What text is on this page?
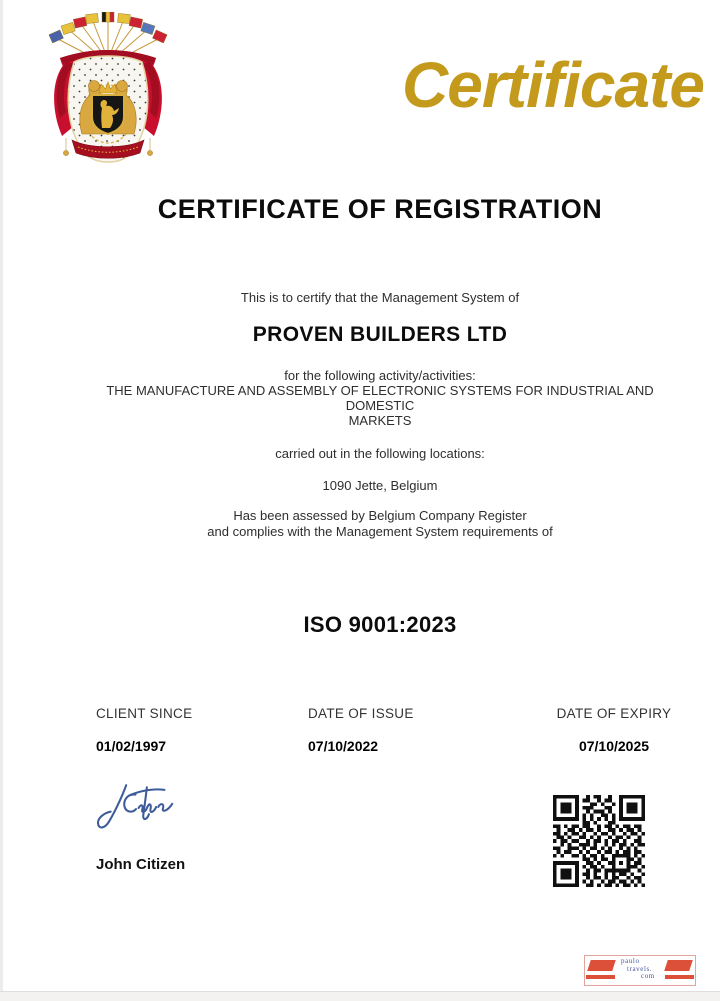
Certificate
CERTIFICATE OF REGISTRATION
This is to certify that the Management System of
PROVEN BUILDERS LTD
for the following activity/activities:
THE MANUFACTURE AND ASSEMBLY OF ELECTRONIC SYSTEMS FOR INDUSTRIAL AND
DOMESTIC
MARKETS
carried out in the following locations:
1090 Jette, Belgium
Has been assessed by Belgium Company Register
and complies with the Management System requirements of
ISO 9001:2023
CLIENT SINCE
01/02/1997
DATE OF ISSUE
07/10/2022
DATE OF EXPIRY
07/10/2025
John Citizen
paulo
travels.
com
